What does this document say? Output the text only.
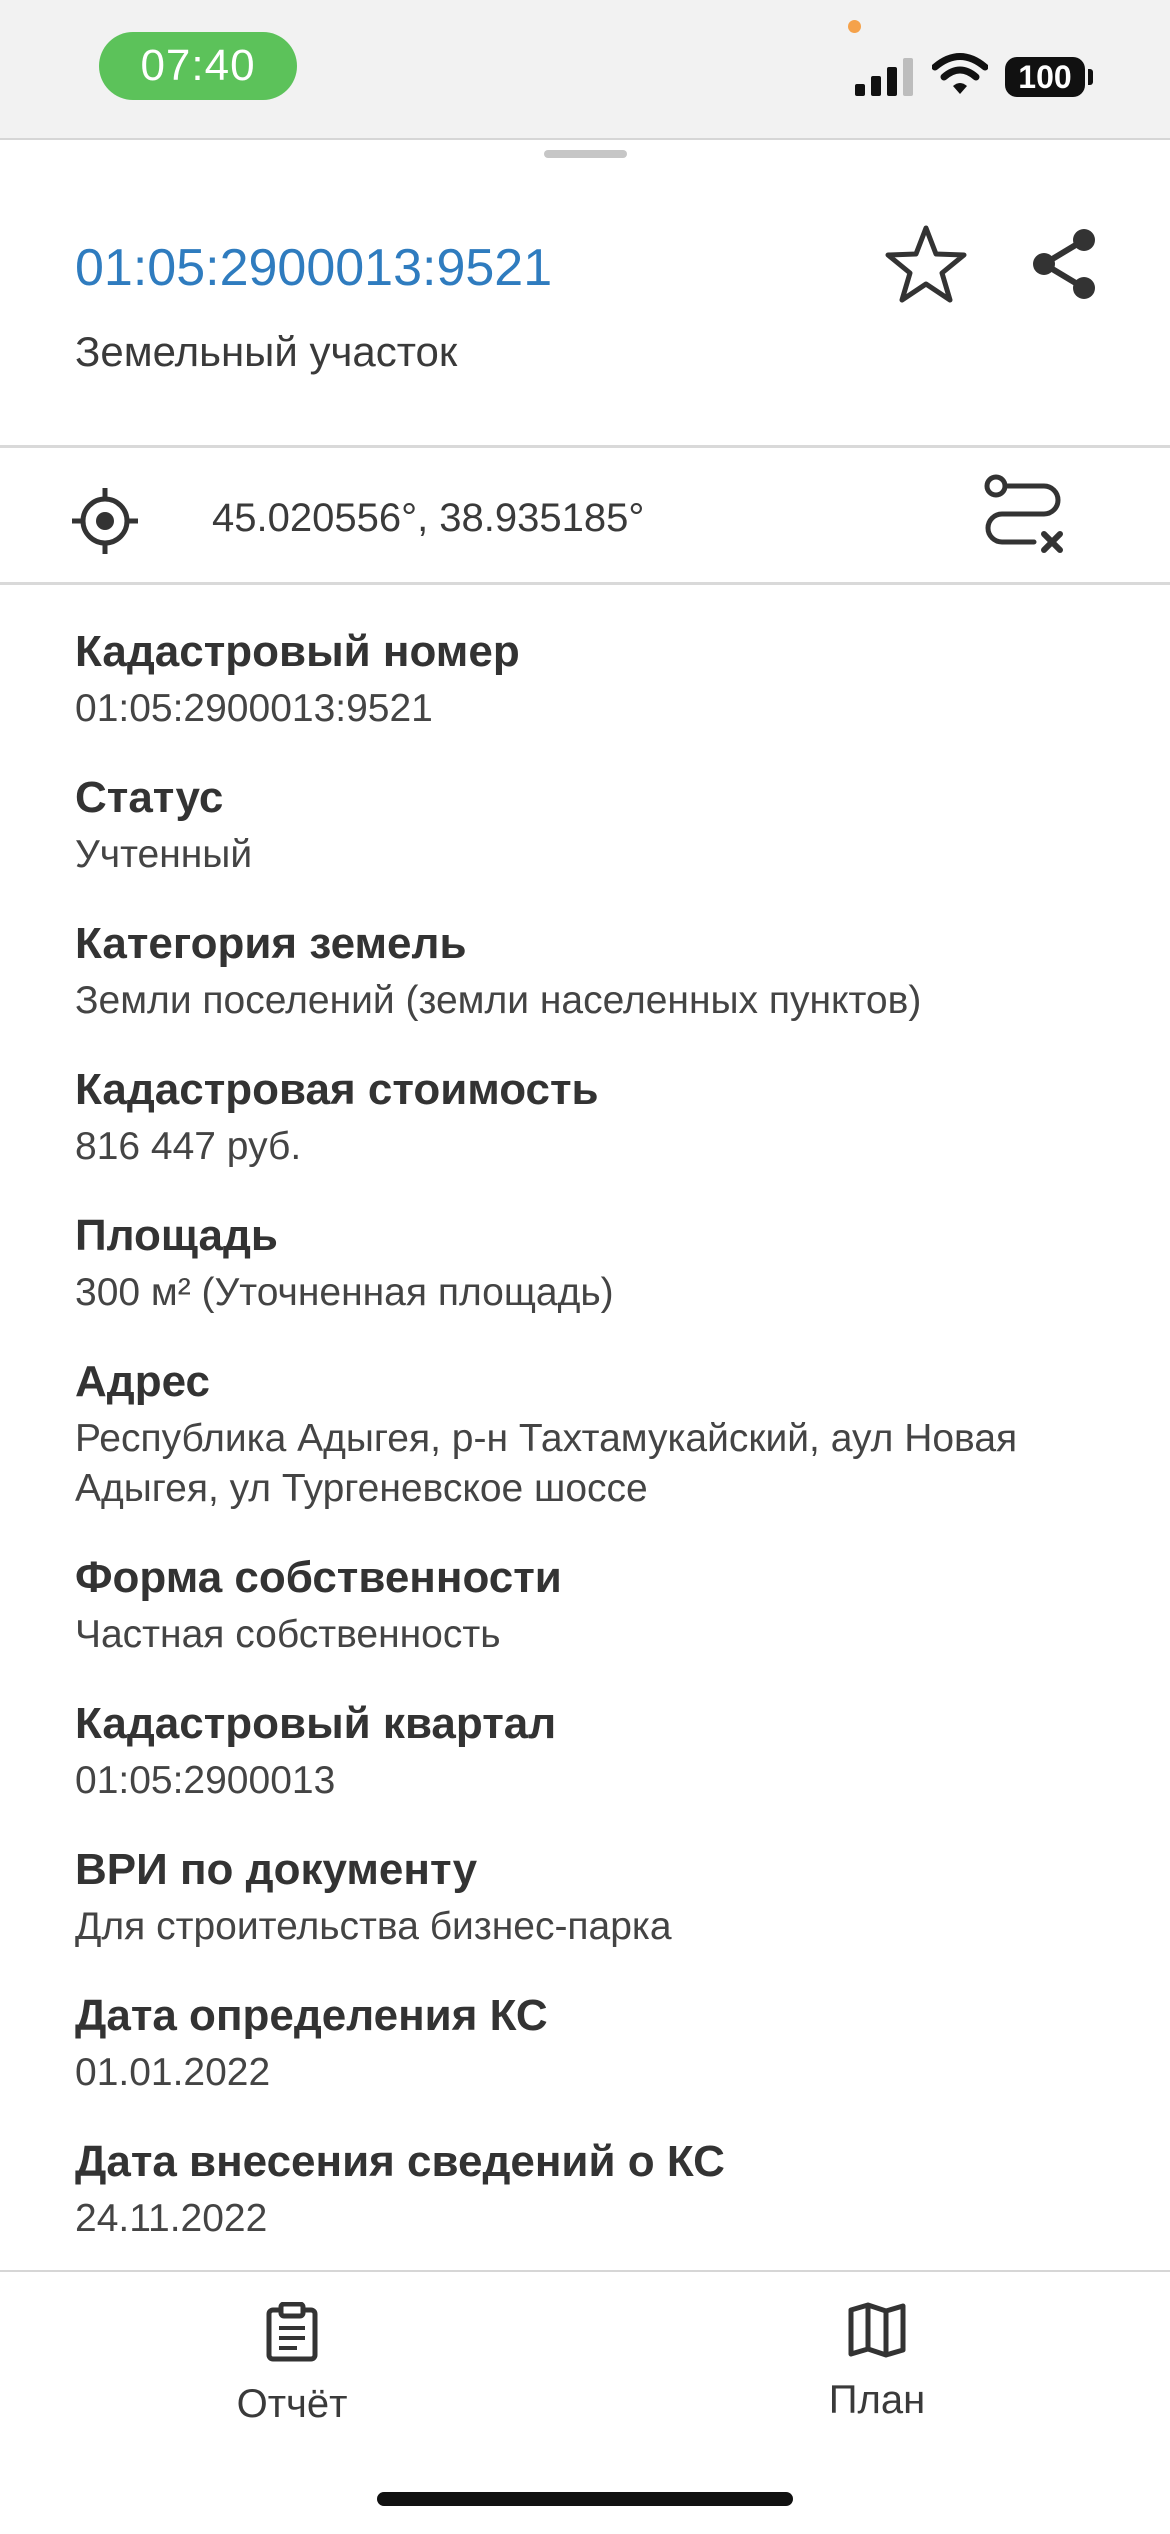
07:40	100
01:05:2900013:9521
Земельный участок
45.020556°, 38.935185°
Кадастровый номер
01:05:2900013:9521
Статус
Учтенный
Категория земель
Земли поселений (земли населенных пунктов)
Кадастровая стоимость
816 447 руб.
Площадь
300 м² (Уточненная площадь)
Адрес
Республика Адыгея, р-н Тахтамукайский, аул Новая Адыгея, ул Тургеневское шоссе
Форма собственности
Частная собственность
Кадастровый квартал
01:05:2900013
ВРИ по документу
Для строительства бизнес-парка
Дата определения КС
01.01.2022
Дата внесения сведений о КС
24.11.2022
Отчёт	План
